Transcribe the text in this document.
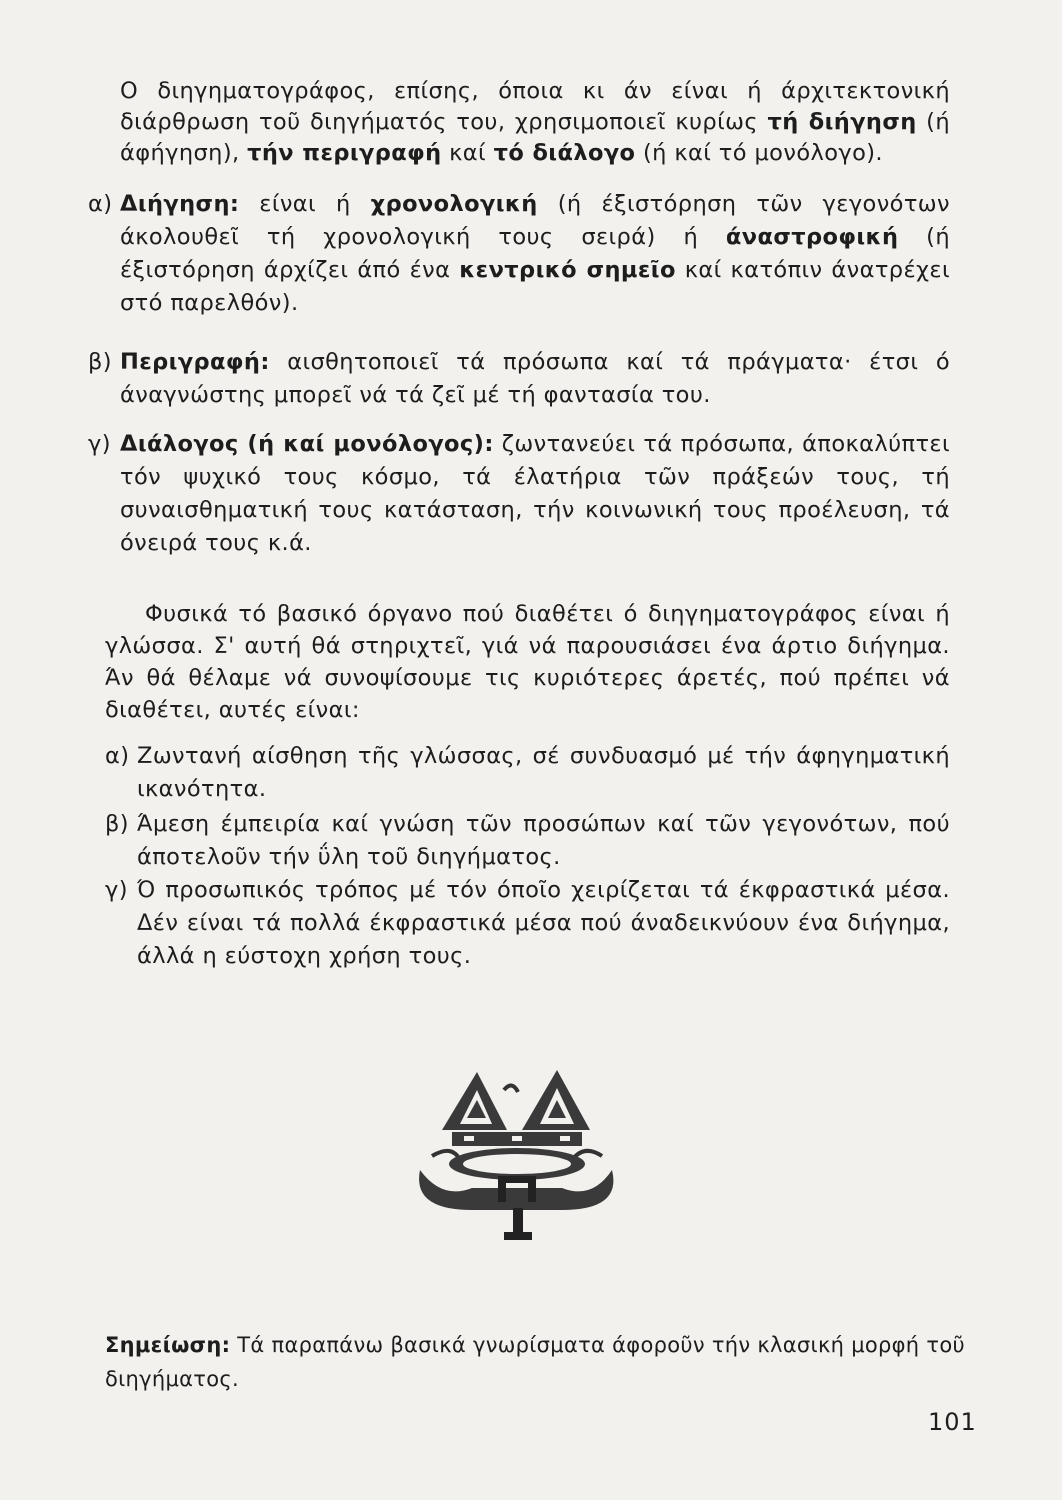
Ο διηγηματογράφος, επίσης, όποια κι άν είναι ή άρχιτεκτονική διάρθρωση τοῦ διηγήματός του, χρησιμοποιεῖ κυρίως τή διήγηση (ή άφήγηση), τήν περιγραφή καί τό διάλογο (ή καί τό μονόλογο).
α) Διήγηση: είναι ή χρονολογική (ή έξιστόρηση τῶν γεγονότων άκολουθεῖ τή χρονολογική τους σειρά) ή άναστροφική (ή έξιστόρηση άρχίζει άπό ένα κεντρικό σημεῖο καί κατόπιν άνατρέχει στό παρελθόν).
β) Περιγραφή: αισθητοποιεῖ τά πρόσωπα καί τά πράγματα· έτσι ό άναγνώστης μπορεῖ νά τά ζεῖ μέ τή φαντασία του.
γ) Διάλογος (ή καί μονόλογος): ζωντανεύει τά πρόσωπα, άποκαλύπτει τόν ψυχικό τους κόσμο, τά έλατήρια τῶν πράξεών τους, τή συναισθηματική τους κατάσταση, τήν κοινωνική τους προέλευση, τά όνειρά τους κ.ά.
Φυσικά τό βασικό όργανο πού διαθέτει ό διηγηματογράφος είναι ή γλώσσα. Σ' αυτή θά στηριχτεῖ, γιά νά παρουσιάσει ένα άρτιο διήγημα. Άν θά θέλαμε νά συνοψίσουμε τις κυριότερες άρετές, πού πρέπει νά διαθέτει, αυτές είναι:
α) Ζωντανή αίσθηση τῆς γλώσσας, σέ συνδυασμό μέ τήν άφηγηματική ικανότητα.
β) Άμεση έμπειρία καί γνώση τῶν προσώπων καί τῶν γεγονότων, πού άποτελοῦν τήν ΰλη τοῦ διηγήματος.
γ) Ό προσωπικός τρόπος μέ τόν όποῖο χειρίζεται τά έκφραστικά μέσα. Δέν είναι τά πολλά έκφραστικά μέσα πού άναδεικνύουν ένα διήγημα, άλλά η εύστοχη χρήση τους.
Σημείωση: Τά παραπάνω βασικά γνωρίσματα άφοροῦν τήν κλασική μορφή τοῦ διηγήματος.
101
